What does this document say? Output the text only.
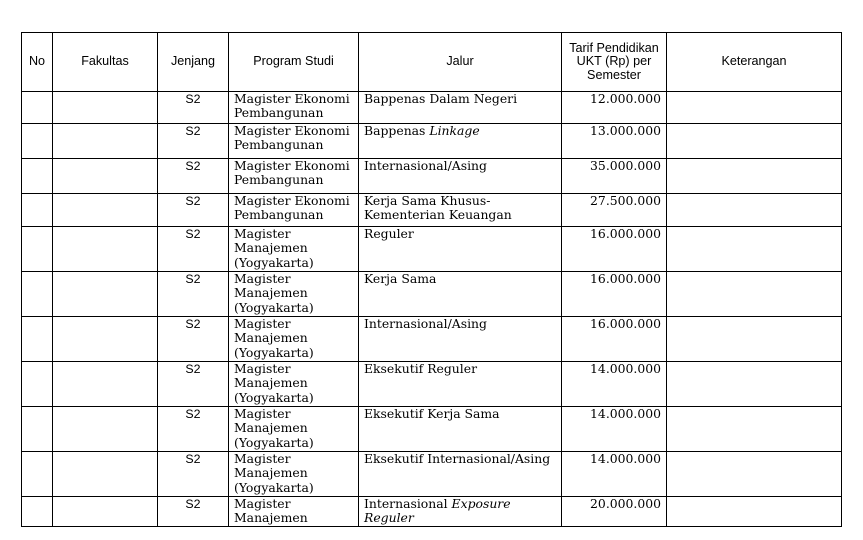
No	Fakultas	Jenjang	Program Studi	Jalur	Tarif Pendidikan UKT (Rp) per Semester	Keterangan
		S2	Magister Ekonomi Pembangunan	Bappenas Dalam Negeri	12.000.000	
		S2	Magister Ekonomi Pembangunan	Bappenas Linkage	13.000.000	
		S2	Magister Ekonomi Pembangunan	Internasional/Asing	35.000.000	
		S2	Magister Ekonomi Pembangunan	Kerja Sama Khusus-Kementerian Keuangan	27.500.000	
		S2	Magister Manajemen (Yogyakarta)	Reguler	16.000.000	
		S2	Magister Manajemen (Yogyakarta)	Kerja Sama	16.000.000	
		S2	Magister Manajemen (Yogyakarta)	Internasional/Asing	16.000.000	
		S2	Magister Manajemen (Yogyakarta)	Eksekutif Reguler	14.000.000	
		S2	Magister Manajemen (Yogyakarta)	Eksekutif Kerja Sama	14.000.000	
		S2	Magister Manajemen (Yogyakarta)	Eksekutif Internasional/Asing	14.000.000	
		S2	Magister Manajemen	Internasional Exposure Reguler	20.000.000	
